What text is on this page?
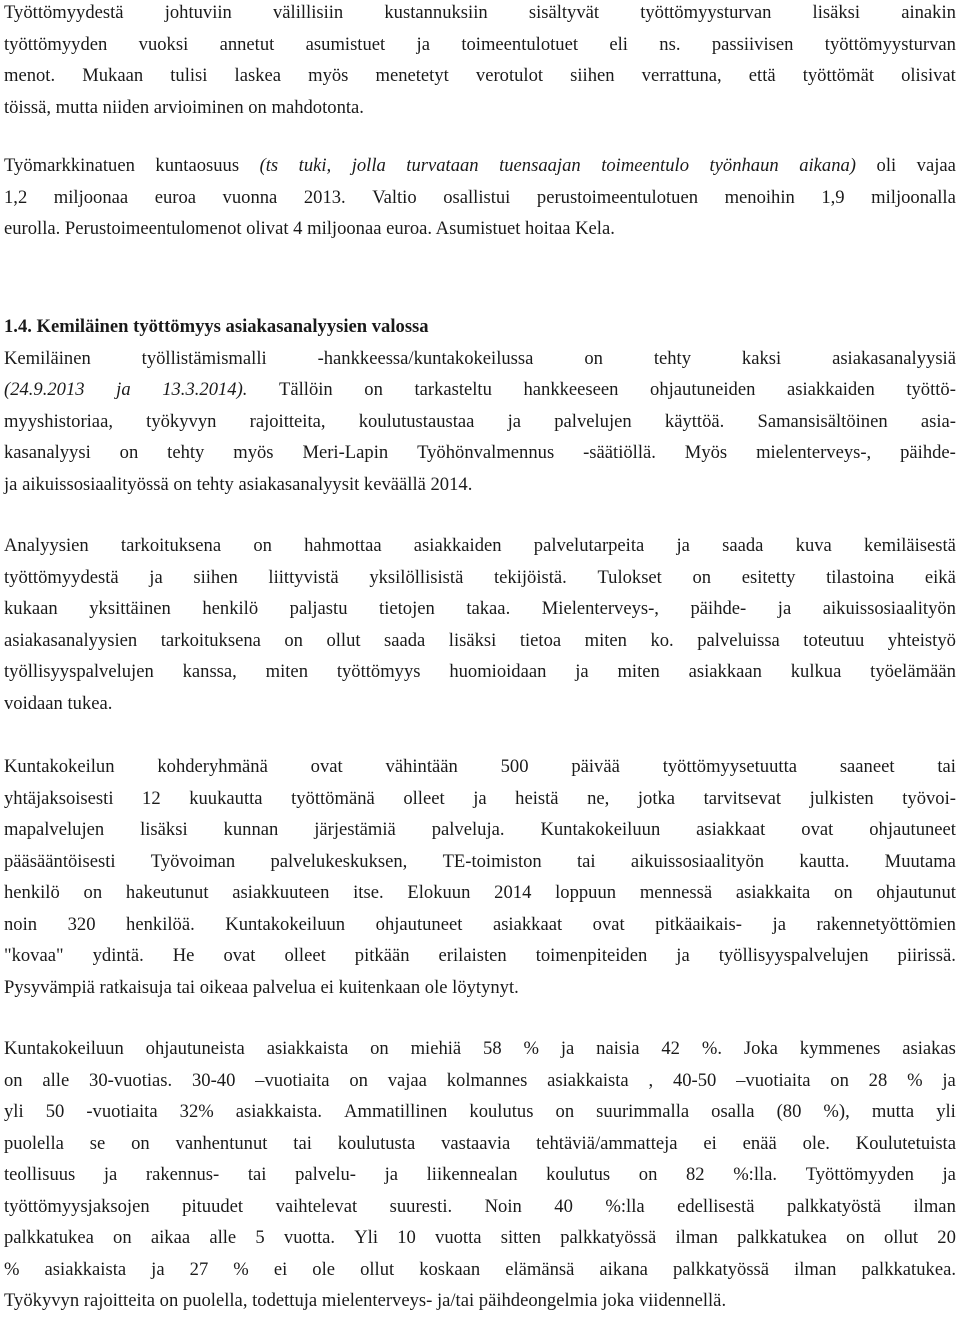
Työttömyydestä johtuviin välillisiin kustannuksiin sisältyvät työttömyysturvan lisäksi ainakin
työttömyyden vuoksi annetut asumistuet ja toimeentulotuet eli ns. passiivisen työttömyysturvan
menot. Mukaan tulisi laskea myös menetetyt verotulot siihen verrattuna, että työttömät olisivat
töissä, mutta niiden arvioiminen on mahdotonta.
Työmarkkinatuen kuntaosuus (ts tuki, jolla turvataan tuensaajan toimeentulo työnhaun aikana) oli vajaa
1,2 miljoonaa euroa vuonna 2013. Valtio osallistui perustoimeentulotuen menoihin 1,9 miljoonalla
eurolla. Perustoimeentulomenot olivat 4 miljoonaa euroa. Asumistuet hoitaa Kela.
1.4. Kemiläinen työttömyys asiakasanalyysien valossa
Kemiläinen	työllistämismalli	-hankkeessa/kuntakokeilussa	on	tehty	kaksi	asiakasanalyysiä
(24.9.2013 ja 13.3.2014). Tällöin on tarkasteltu hankkeeseen ohjautuneiden asiakkaiden työttö-
myyshistoriaa, työkyvyn rajoitteita, koulutustaustaa ja palvelujen käyttöä. Samansisältöinen asia-
kasanalyysi on tehty myös Meri-Lapin Työhönvalmennus -säätiöllä. Myös mielenterveys-, päihde-
ja aikuissosiaalityössä on tehty asiakasanalyysit keväällä 2014.
Analyysien tarkoituksena on hahmottaa asiakkaiden palvelutarpeita ja saada kuva kemiläisestä
työttömyydestä ja siihen liittyvistä yksilöllisistä tekijöistä. Tulokset on esitetty tilastoina eikä
kukaan yksittäinen henkilö paljastu tietojen takaa. Mielenterveys-, päihde- ja aikuissosiaalityön
asiakasanalyysien tarkoituksena on ollut saada lisäksi tietoa miten ko. palveluissa toteutuu yhteistyö
työllisyyspalvelujen kanssa, miten työttömyys huomioidaan ja miten asiakkaan kulkua työelämään
voidaan tukea.
Kuntakokeilun kohderyhmänä ovat vähintään 500 päivää työttömyysetuutta saaneet tai
yhtäjaksoisesti 12 kuukautta työttömänä olleet ja heistä ne, jotka tarvitsevat julkisten työvoi-
mapalvelujen lisäksi kunnan järjestämiä palveluja. Kuntakokeiluun asiakkaat ovat ohjautuneet
pääsääntöisesti Työvoiman palvelukeskuksen, TE-toimiston tai aikuissosiaalityön kautta. Muutama
henkilö on hakeutunut asiakkuuteen itse. Elokuun 2014 loppuun mennessä asiakkaita on ohjautunut
noin 320 henkilöä. Kuntakokeiluun ohjautuneet asiakkaat ovat pitkäaikais- ja rakennetyöttömien
"kovaa" ydintä. He ovat olleet pitkään erilaisten toimenpiteiden ja työllisyyspalvelujen piirissä.
Pysyvämpiä ratkaisuja tai oikeaa palvelua ei kuitenkaan ole löytynyt.
Kuntakokeiluun ohjautuneista asiakkaista on miehiä 58 % ja naisia 42 %. Joka kymmenes asiakas
on alle 30-vuotias. 30-40 –vuotiaita on vajaa kolmannes asiakkaista , 40-50 –vuotiaita on 28 % ja
yli 50 -vuotiaita 32% asiakkaista. Ammatillinen koulutus on suurimmalla osalla (80 %), mutta yli
puolella se on vanhentunut tai koulutusta vastaavia tehtäviä/ammatteja ei enää ole. Koulutetuista
teollisuus ja rakennus- tai palvelu- ja liikennealan koulutus on 82 %:lla. Työttömyyden ja
työttömyysjaksojen pituudet vaihtelevat suuresti. Noin 40 %:lla edellisestä palkkatyöstä ilman
palkkatukea on aikaa alle 5 vuotta. Yli 10 vuotta sitten palkkatyössä ilman palkkatukea on ollut 20
% asiakkaista ja 27 % ei ole ollut koskaan elämänsä aikana palkkatyössä ilman palkkatukea.
Työkyvyn rajoitteita on puolella, todettuja mielenterveys- ja/tai päihdeongelmia joka viidennellä.
